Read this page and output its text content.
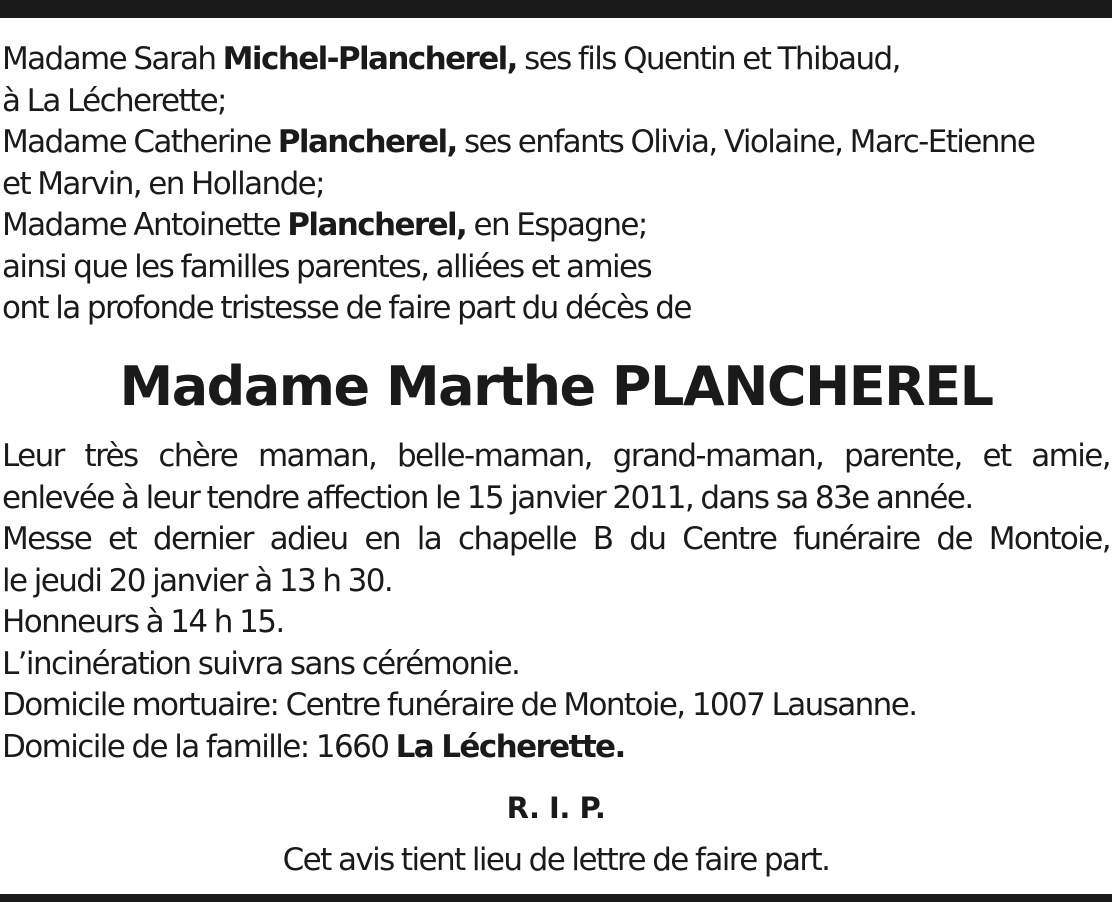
Madame Sarah Michel-Plancherel, ses fils Quentin et Thibaud,
à La Lécherette;
Madame Catherine Plancherel, ses enfants Olivia, Violaine, Marc-Etienne
et Marvin, en Hollande;
Madame Antoinette Plancherel, en Espagne;
ainsi que les familles parentes, alliées et amies
ont la profonde tristesse de faire part du décès de
Madame Marthe PLANCHEREL
Leur très chère maman, belle-maman, grand-maman, parente, et amie,
enlevée à leur tendre affection le 15 janvier 2011, dans sa 83e année.
Messe et dernier adieu en la chapelle B du Centre funéraire de Montoie,
le jeudi 20 janvier à 13 h 30.
Honneurs à 14 h 15.
L’incinération suivra sans cérémonie.
Domicile mortuaire: Centre funéraire de Montoie, 1007 Lausanne.
Domicile de la famille: 1660 La Lécherette.
R. I. P.
Cet avis tient lieu de lettre de faire part.
